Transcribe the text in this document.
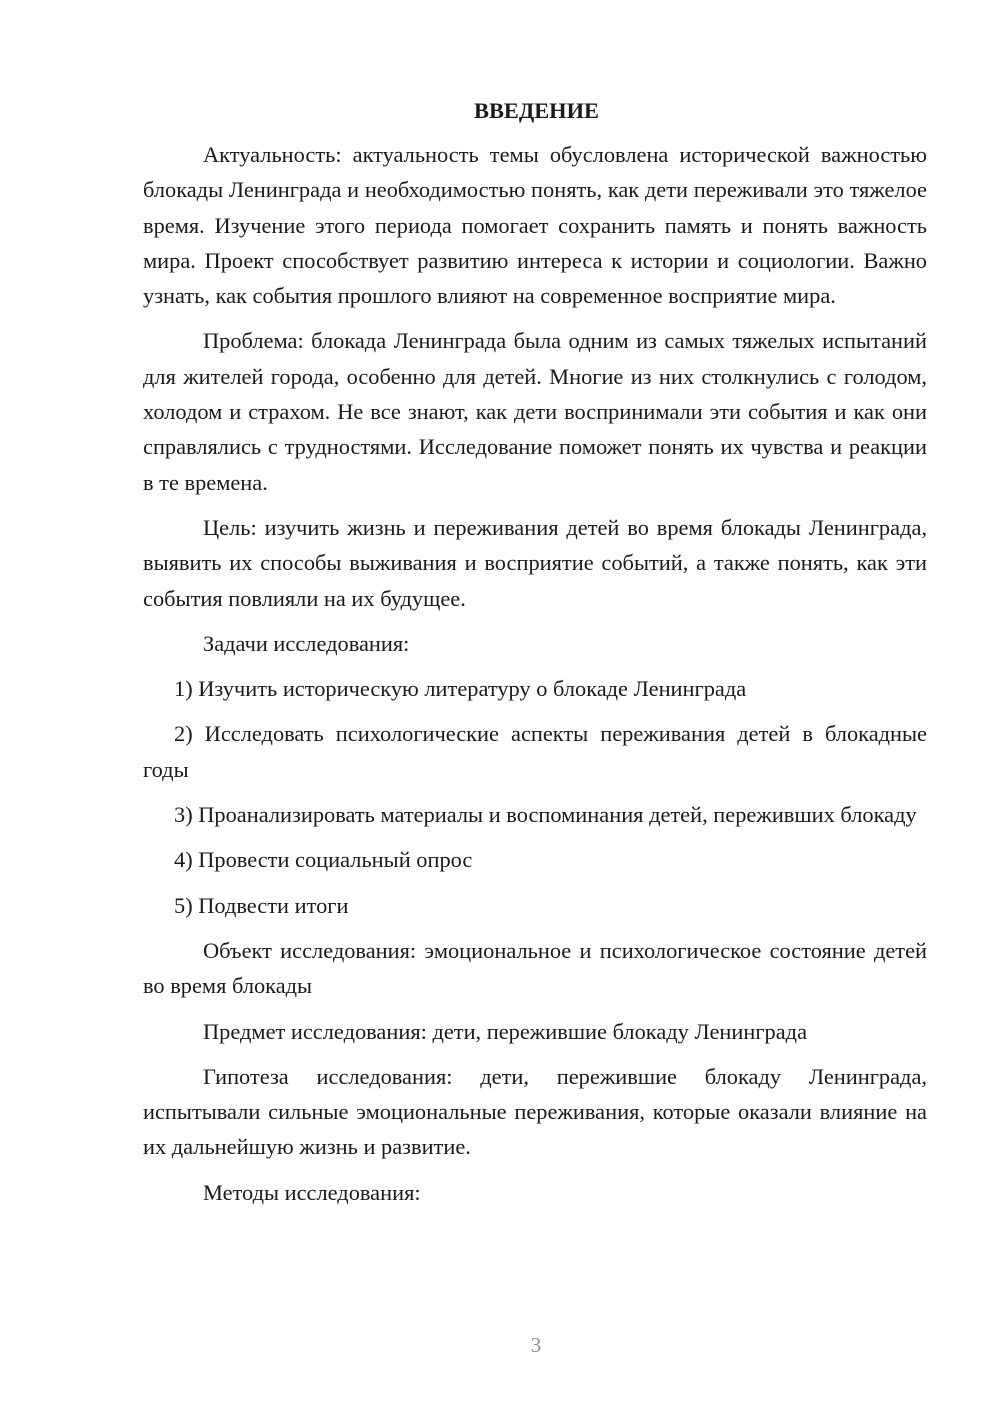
ВВЕДЕНИЕ

Актуальность: актуальность темы обусловлена исторической важностью блокады Ленинграда и необходимостью понять, как дети переживали это тяжелое время. Изучение этого периода помогает сохранить память и понять важность мира. Проект способствует развитию интереса к истории и социологии. Важно узнать, как события прошлого влияют на современное восприятие мира.

Проблема: блокада Ленинграда была одним из самых тяжелых испытаний для жителей города, особенно для детей. Многие из них столкнулись с голодом, холодом и страхом. Не все знают, как дети воспринимали эти события и как они справлялись с трудностями. Исследование поможет понять их чувства и реакции в те времена.

Цель: изучить жизнь и переживания детей во время блокады Ленинграда, выявить их способы выживания и восприятие событий, а также понять, как эти события повлияли на их будущее.

Задачи исследования:

1) Изучить историческую литературу о блокаде Ленинграда

2) Исследовать психологические аспекты переживания детей в блокадные годы

3) Проанализировать материалы и воспоминания детей, переживших блокаду

4) Провести социальный опрос

5) Подвести итоги

Объект исследования: эмоциональное и психологическое состояние детей во время блокады

Предмет исследования: дети, пережившие блокаду Ленинграда

Гипотеза исследования: дети, пережившие блокаду Ленинграда, испытывали сильные эмоциональные переживания, которые оказали влияние на их дальнейшую жизнь и развитие.

Методы исследования:

3
